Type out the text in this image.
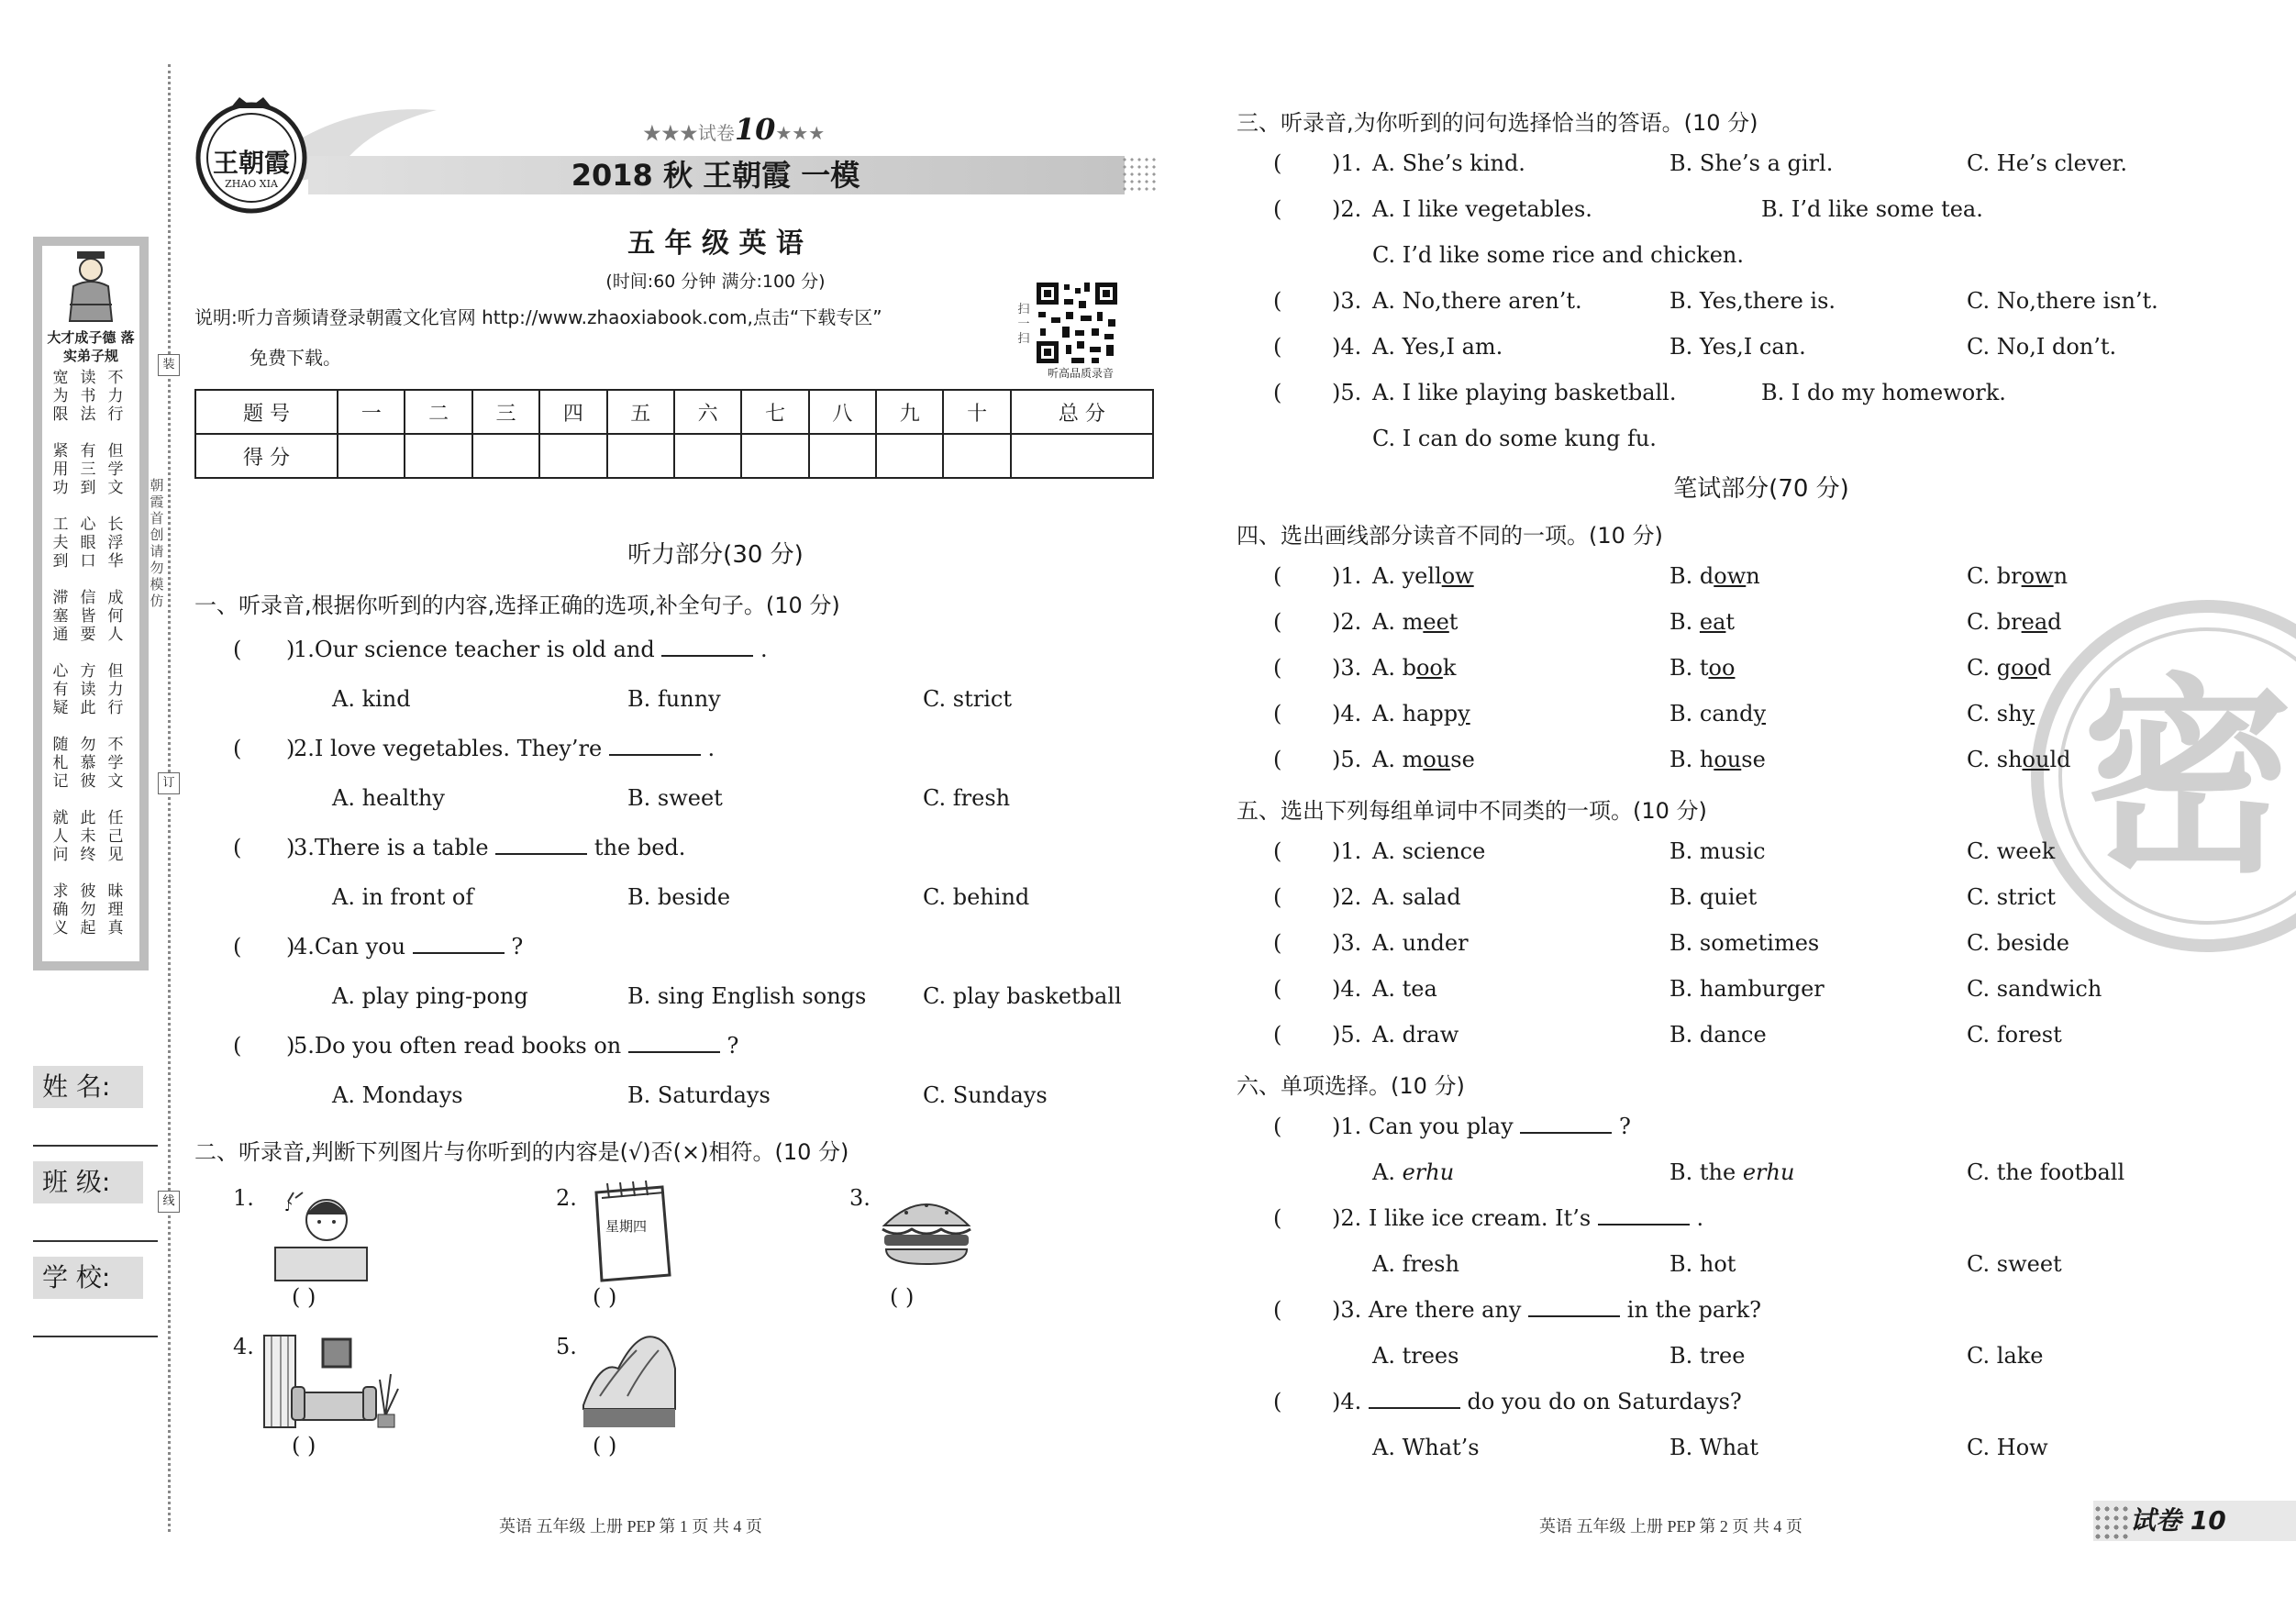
大才成子德 落实弟子规
宽为限
读书法
不力行
紧用功
有三到
但学文
工夫到
心眼口
长浮华
滞塞通
信皆要
成何人
心有疑
方读此
但力行
随札记
勿慕彼
不学文
就人问
此未终
任己见
求确义
彼勿起
昧理真
朝霞首创 请勿模仿
装
订
线
姓 名:
班 级:
学 校:
王朝霞
ZHAO XIA
★★★试卷10★★★
2018 秋 王朝霞 一模
五 年 级 英 语
(时间:60 分钟 满分:100 分)
说明:听力音频请登录朝霞文化官网 http://www.zhaoxiabook.com,点击“下载专区”
免费下载。
扫一扫
听高品质录音
题 号	一	二	三	四	五	六	七	八	九	十	总 分
得 分											
听力部分(30 分)
一、听录音,根据你听到的内容,选择正确的选项,补全句子。(10 分)
( )
1.Our science teacher is old and	.
A. kind	B. funny	C. strict
( )
2.I love vegetables. They’re	.
A. healthy	B. sweet	C. fresh
( )
3.There is a table	the bed.
A. in front of	B. beside	C. behind
( )
4.Can you	?
A. play ping-pong	B. sing English songs	C. play basketball
( )
5.Do you often read books on	?
A. Mondays	B. Saturdays	C. Sundays
二、听录音,判断下列图片与你听到的内容是(√)否(×)相符。(10 分)
1. ♪
( )
2.
星期四
( )
3.
( )
4.
( )
5.
( )
英语 五年级 上册 PEP 第 1 页 共 4 页
密
三、听录音,为你听到的问句选择恰当的答语。(10 分)
( )1. A. She’s kind.	B. She’s a girl.	C. He’s clever.
( )2. A. I like vegetables.	B. I’d like some tea.
C. I’d like some rice and chicken.
( )3. A. No,there aren’t.	B. Yes,there is.	C. No,there isn’t.
( )4. A. Yes,I am.	B. Yes,I can.	C. No,I don’t.
( )5. A. I like playing basketball.	B. I do my homework.
C. I can do some kung fu.
笔试部分(70 分)
四、选出画线部分读音不同的一项。(10 分)
( )1. A. yellow	B. down	C. brown
( )2. A. meet	B. eat	C. bread
( )3. A. book	B. too	C. good
( )4. A. happy	B. candy	C. shy
( )5. A. mouse	B. house	C. should
五、选出下列每组单词中不同类的一项。(10 分)
( )1. A. science	B. music	C. week
( )2. A. salad	B. quiet	C. strict
( )3. A. under	B. sometimes	C. beside
( )4. A. tea	B. hamburger	C. sandwich
( )5. A. draw	B. dance	C. forest
六、单项选择。(10 分)
( )1. Can you play	?
A. erhu	B. the erhu	C. the football
( )2. I like ice cream. It’s	.
A. fresh	B. hot	C. sweet
( )3. Are there any	in the park?
A. trees	B. tree	C. lake
( )4.	do you do on Saturdays?
A. What’s	B. What	C. How
英语 五年级 上册 PEP 第 2 页 共 4 页	试卷 10
